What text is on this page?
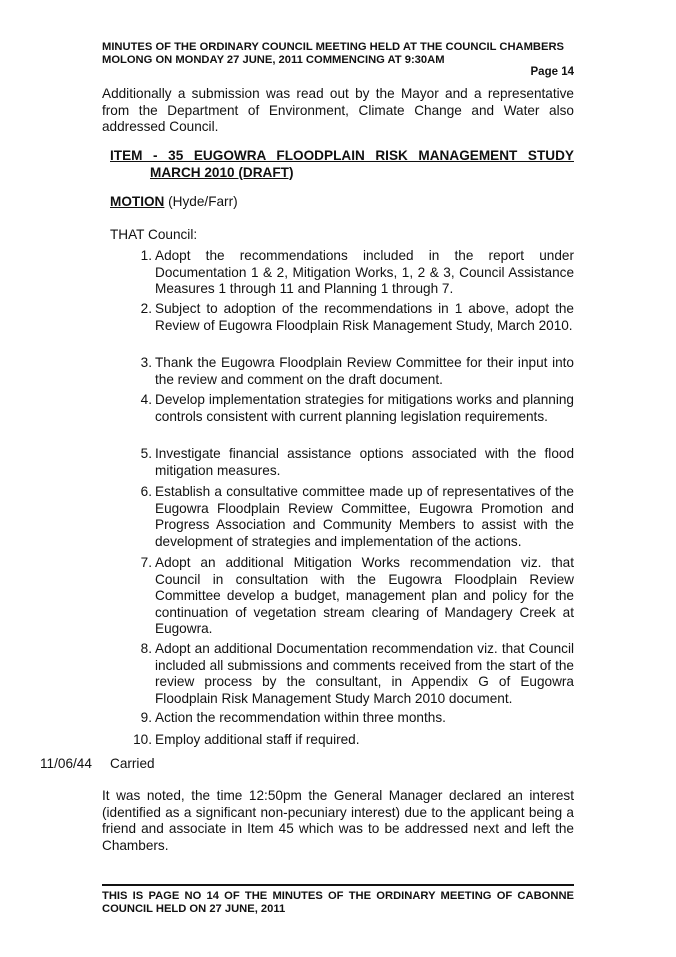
MINUTES OF THE ORDINARY COUNCIL MEETING HELD AT THE COUNCIL CHAMBERS
MOLONG ON MONDAY 27 JUNE, 2011 COMMENCING AT 9:30AM
Page 14
Additionally a submission was read out by the Mayor and a representative from the Department of Environment, Climate Change and Water also addressed Council.
ITEM - 35 EUGOWRA FLOODPLAIN RISK MANAGEMENT STUDY
MARCH 2010 (DRAFT)
MOTION (Hyde/Farr)
THAT Council:
1. Adopt the recommendations included in the report under Documentation 1 & 2, Mitigation Works, 1, 2 & 3, Council Assistance Measures 1 through 11 and Planning 1 through 7.
2. Subject to adoption of the recommendations in 1 above, adopt the Review of Eugowra Floodplain Risk Management Study, March 2010.
3. Thank the Eugowra Floodplain Review Committee for their input into the review and comment on the draft document.
4. Develop implementation strategies for mitigations works and planning controls consistent with current planning legislation requirements.
5. Investigate financial assistance options associated with the flood mitigation measures.
6. Establish a consultative committee made up of representatives of the Eugowra Floodplain Review Committee, Eugowra Promotion and Progress Association and Community Members to assist with the development of strategies and implementation of the actions.
7. Adopt an additional Mitigation Works recommendation viz. that Council in consultation with the Eugowra Floodplain Review Committee develop a budget, management plan and policy for the continuation of vegetation stream clearing of Mandagery Creek at Eugowra.
8. Adopt an additional Documentation recommendation viz. that Council included all submissions and comments received from the start of the review process by the consultant, in Appendix G of Eugowra Floodplain Risk Management Study March 2010 document.
9. Action the recommendation within three months.
10. Employ additional staff if required.
11/06/44 Carried
It was noted, the time 12:50pm the General Manager declared an interest (identified as a significant non-pecuniary interest) due to the applicant being a friend and associate in Item 45 which was to be addressed next and left the Chambers.
THIS IS PAGE NO 14 OF THE MINUTES OF THE ORDINARY MEETING OF CABONNE COUNCIL HELD ON 27 JUNE, 2011
